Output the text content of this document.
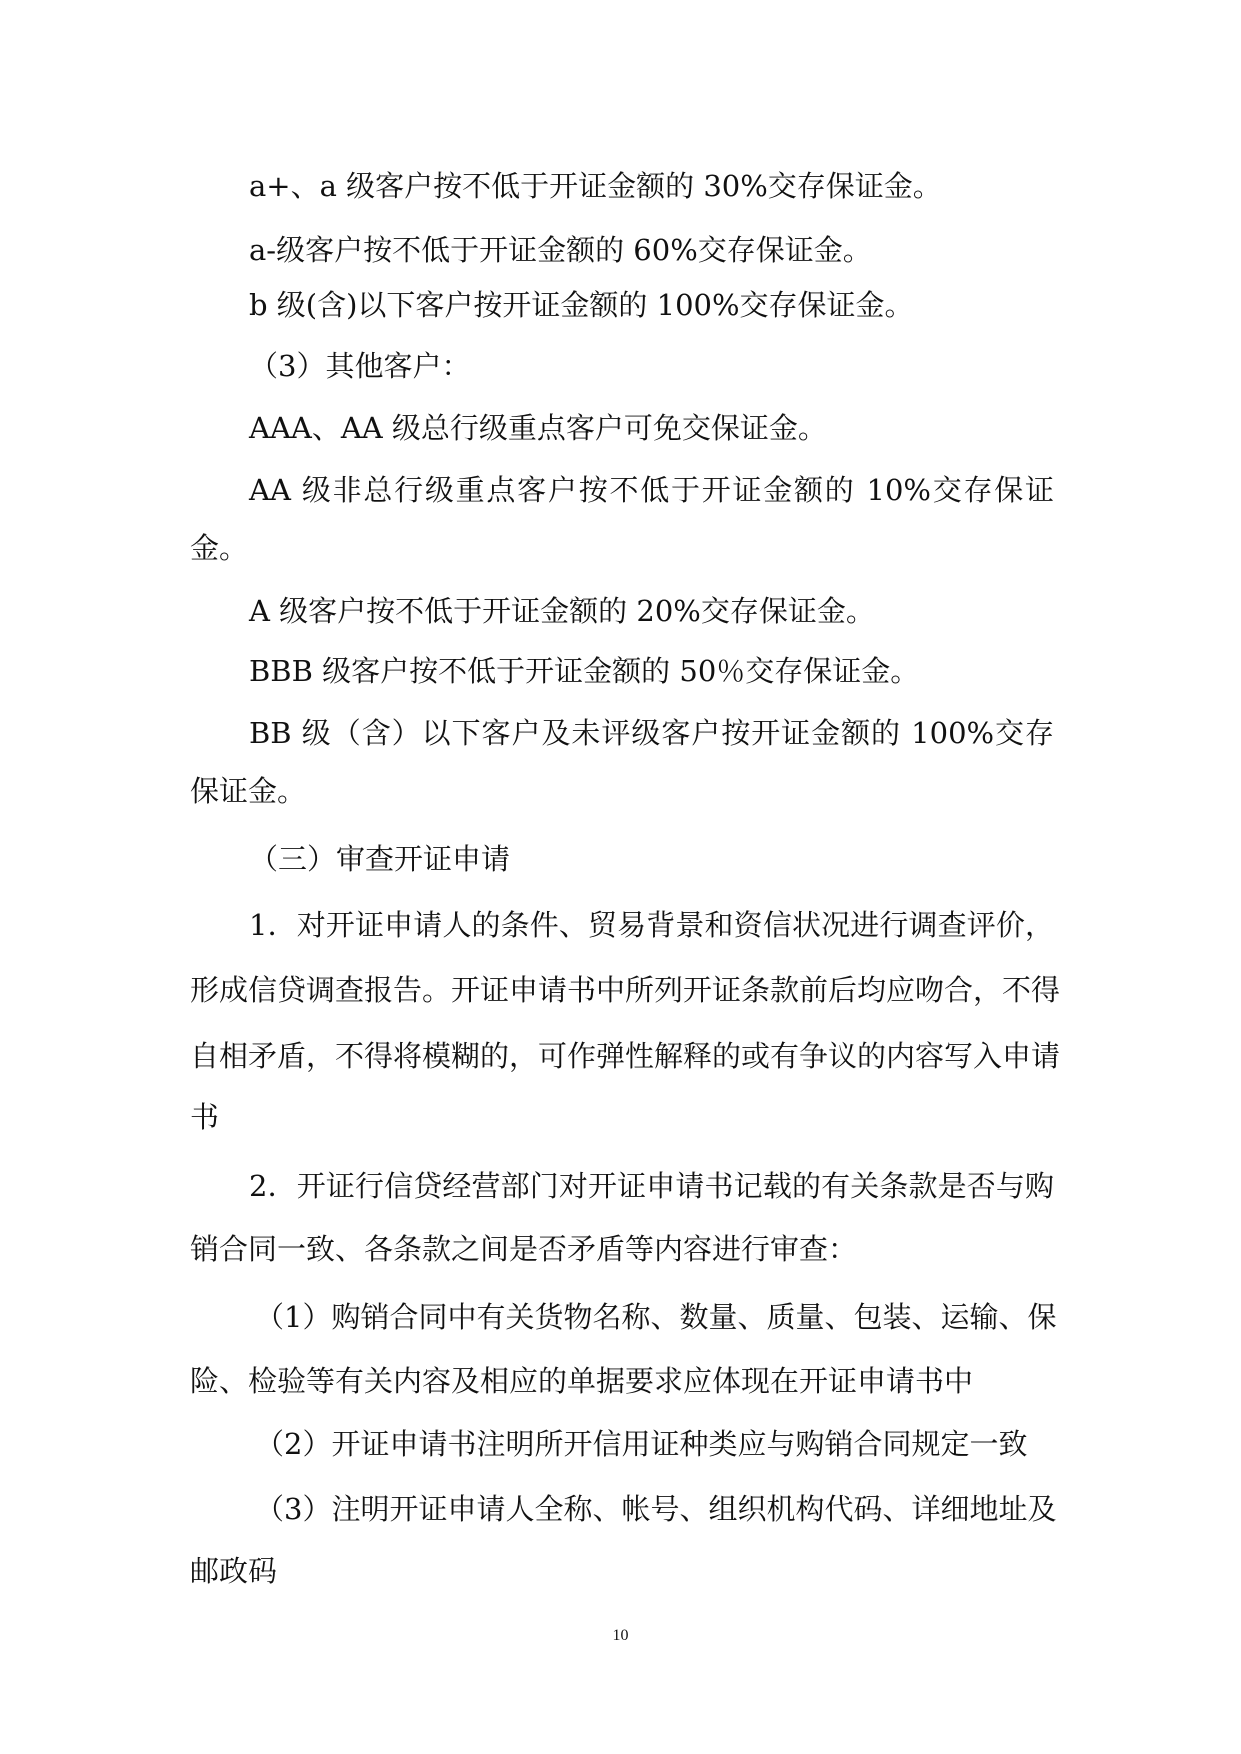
a+、a 级客户按不低于开证金额的 30%交存保证金。
a-级客户按不低于开证金额的 60%交存保证金。
b 级(含)以下客户按开证金额的 100%交存保证金。
（3）其他客户：
AAA、AA 级总行级重点客户可免交保证金。
AA 级非总行级重点客户按不低于开证金额的 10%交存保证
金。
A 级客户按不低于开证金额的 20%交存保证金。
BBB 级客户按不低于开证金额的 50％交存保证金。
BB 级（含）以下客户及未评级客户按开证金额的 100%交存
保证金。
（三）审查开证申请
1．对开证申请人的条件、贸易背景和资信状况进行调查评价，
形成信贷调查报告。开证申请书中所列开证条款前后均应吻合，不得
自相矛盾，不得将模糊的，可作弹性解释的或有争议的内容写入申请
书
2．开证行信贷经营部门对开证申请书记载的有关条款是否与购
销合同一致、各条款之间是否矛盾等内容进行审查：
（1）购销合同中有关货物名称、数量、质量、包装、运输、保
险、检验等有关内容及相应的单据要求应体现在开证申请书中
（2）开证申请书注明所开信用证种类应与购销合同规定一致
（3）注明开证申请人全称、帐号、组织机构代码、详细地址及
邮政码
10
